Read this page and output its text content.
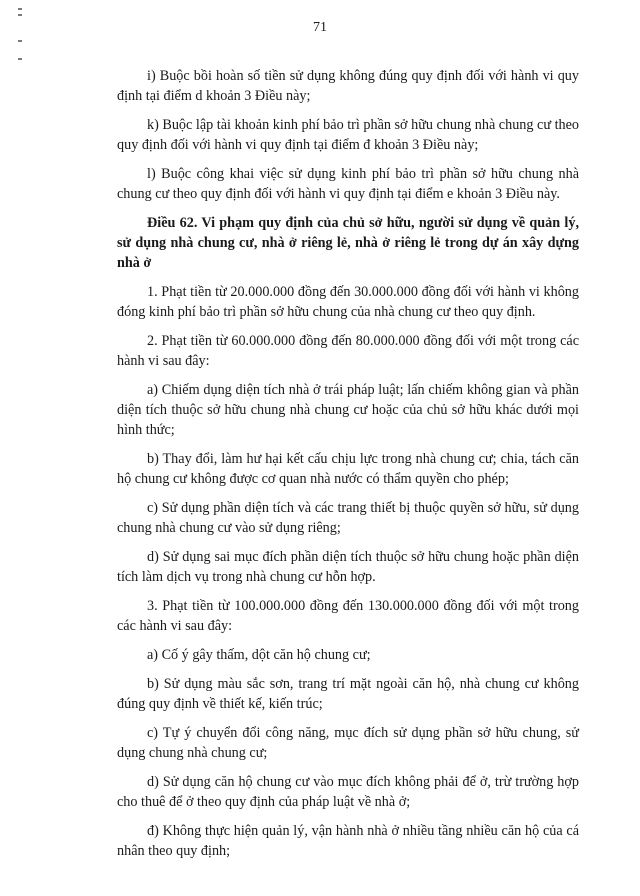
71

i) Buộc bồi hoàn số tiền sử dụng không đúng quy định đối với hành vi quy định tại điểm d khoản 3 Điều này;

k) Buộc lập tài khoản kinh phí bảo trì phần sở hữu chung nhà chung cư theo quy định đối với hành vi quy định tại điểm đ khoản 3 Điều này;

l) Buộc công khai việc sử dụng kinh phí bảo trì phần sở hữu chung nhà chung cư theo quy định đối với hành vi quy định tại điểm e khoản 3 Điều này.

Điều 62. Vi phạm quy định của chủ sở hữu, người sử dụng về quản lý, sử dụng nhà chung cư, nhà ở riêng lẻ, nhà ở riêng lẻ trong dự án xây dựng nhà ở

1. Phạt tiền từ 20.000.000 đồng đến 30.000.000 đồng đối với hành vi không đóng kinh phí bảo trì phần sở hữu chung của nhà chung cư theo quy định.

2. Phạt tiền từ 60.000.000 đồng đến 80.000.000 đồng đối với một trong các hành vi sau đây:

a) Chiếm dụng diện tích nhà ở trái pháp luật; lấn chiếm không gian và phần diện tích thuộc sở hữu chung nhà chung cư hoặc của chủ sở hữu khác dưới mọi hình thức;

b) Thay đổi, làm hư hại kết cấu chịu lực trong nhà chung cư; chia, tách căn hộ chung cư không được cơ quan nhà nước có thẩm quyền cho phép;

c) Sử dụng phần diện tích và các trang thiết bị thuộc quyền sở hữu, sử dụng chung nhà chung cư vào sử dụng riêng;

d) Sử dụng sai mục đích phần diện tích thuộc sở hữu chung hoặc phần diện tích làm dịch vụ trong nhà chung cư hỗn hợp.

3. Phạt tiền từ 100.000.000 đồng đến 130.000.000 đồng đối với một trong các hành vi sau đây:

a) Cố ý gây thấm, dột căn hộ chung cư;

b) Sử dụng màu sắc sơn, trang trí mặt ngoài căn hộ, nhà chung cư không đúng quy định về thiết kế, kiến trúc;

c) Tự ý chuyển đổi công năng, mục đích sử dụng phần sở hữu chung, sử dụng chung nhà chung cư;

d) Sử dụng căn hộ chung cư vào mục đích không phải để ở, trừ trường hợp cho thuê để ở theo quy định của pháp luật về nhà ở;

đ) Không thực hiện quản lý, vận hành nhà ở nhiều tầng nhiều căn hộ của cá nhân theo quy định;
